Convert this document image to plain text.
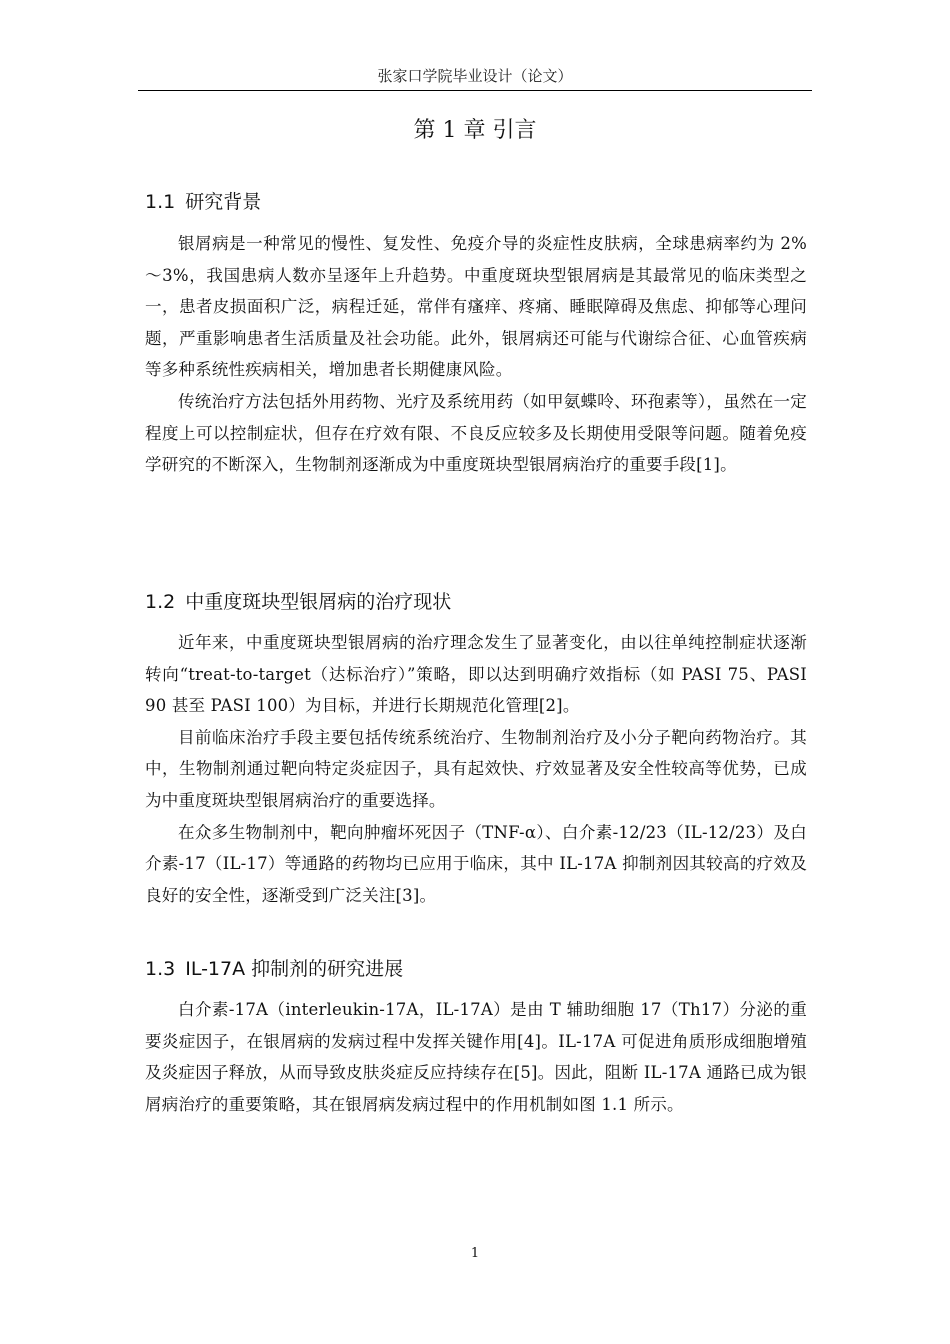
张家口学院毕业设计（论文）
第 1 章 引言
1.1 研究背景

银屑病是一种常见的慢性、复发性、免疫介导的炎症性皮肤病，全球患病率约为 2%～3%，我国患病人数亦呈逐年上升趋势。中重度斑块型银屑病是其最常见的临床类型之一，患者皮损面积广泛，病程迁延，常伴有瘙痒、疼痛、睡眠障碍及焦虑、抑郁等心理问题，严重影响患者生活质量及社会功能。此外，银屑病还可能与代谢综合征、心血管疾病等多种系统性疾病相关，增加患者长期健康风险。

传统治疗方法包括外用药物、光疗及系统用药（如甲氨蝶呤、环孢素等），虽然在一定程度上可以控制症状，但存在疗效有限、不良反应较多及长期使用受限等问题。随着免疫学研究的不断深入，生物制剂逐渐成为中重度斑块型银屑病治疗的重要手段[1]。

1.2 中重度斑块型银屑病的治疗现状

近年来，中重度斑块型银屑病的治疗理念发生了显著变化，由以往单纯控制症状逐渐转向“treat-to-target（达标治疗）”策略，即以达到明确疗效指标（如 PASI 75、PASI 90 甚至 PASI 100）为目标，并进行长期规范化管理[2]。

目前临床治疗手段主要包括传统系统治疗、生物制剂治疗及小分子靶向药物治疗。其中，生物制剂通过靶向特定炎症因子，具有起效快、疗效显著及安全性较高等优势，已成为中重度斑块型银屑病治疗的重要选择。

在众多生物制剂中，靶向肿瘤坏死因子（TNF-α）、白介素-12/23（IL-12/23）及白介素-17（IL-17）等通路的药物均已应用于临床，其中 IL-17A 抑制剂因其较高的疗效及良好的安全性，逐渐受到广泛关注[3]。

1.3 IL-17A 抑制剂的研究进展

白介素-17A（interleukin-17A，IL-17A）是由 T 辅助细胞 17（Th17）分泌的重要炎症因子，在银屑病的发病过程中发挥关键作用[4]。IL-17A 可促进角质形成细胞增殖及炎症因子释放，从而导致皮肤炎症反应持续存在[5]。因此，阻断 IL-17A 通路已成为银屑病治疗的重要策略，其在银屑病发病过程中的作用机制如图 1.1 所示。

1
